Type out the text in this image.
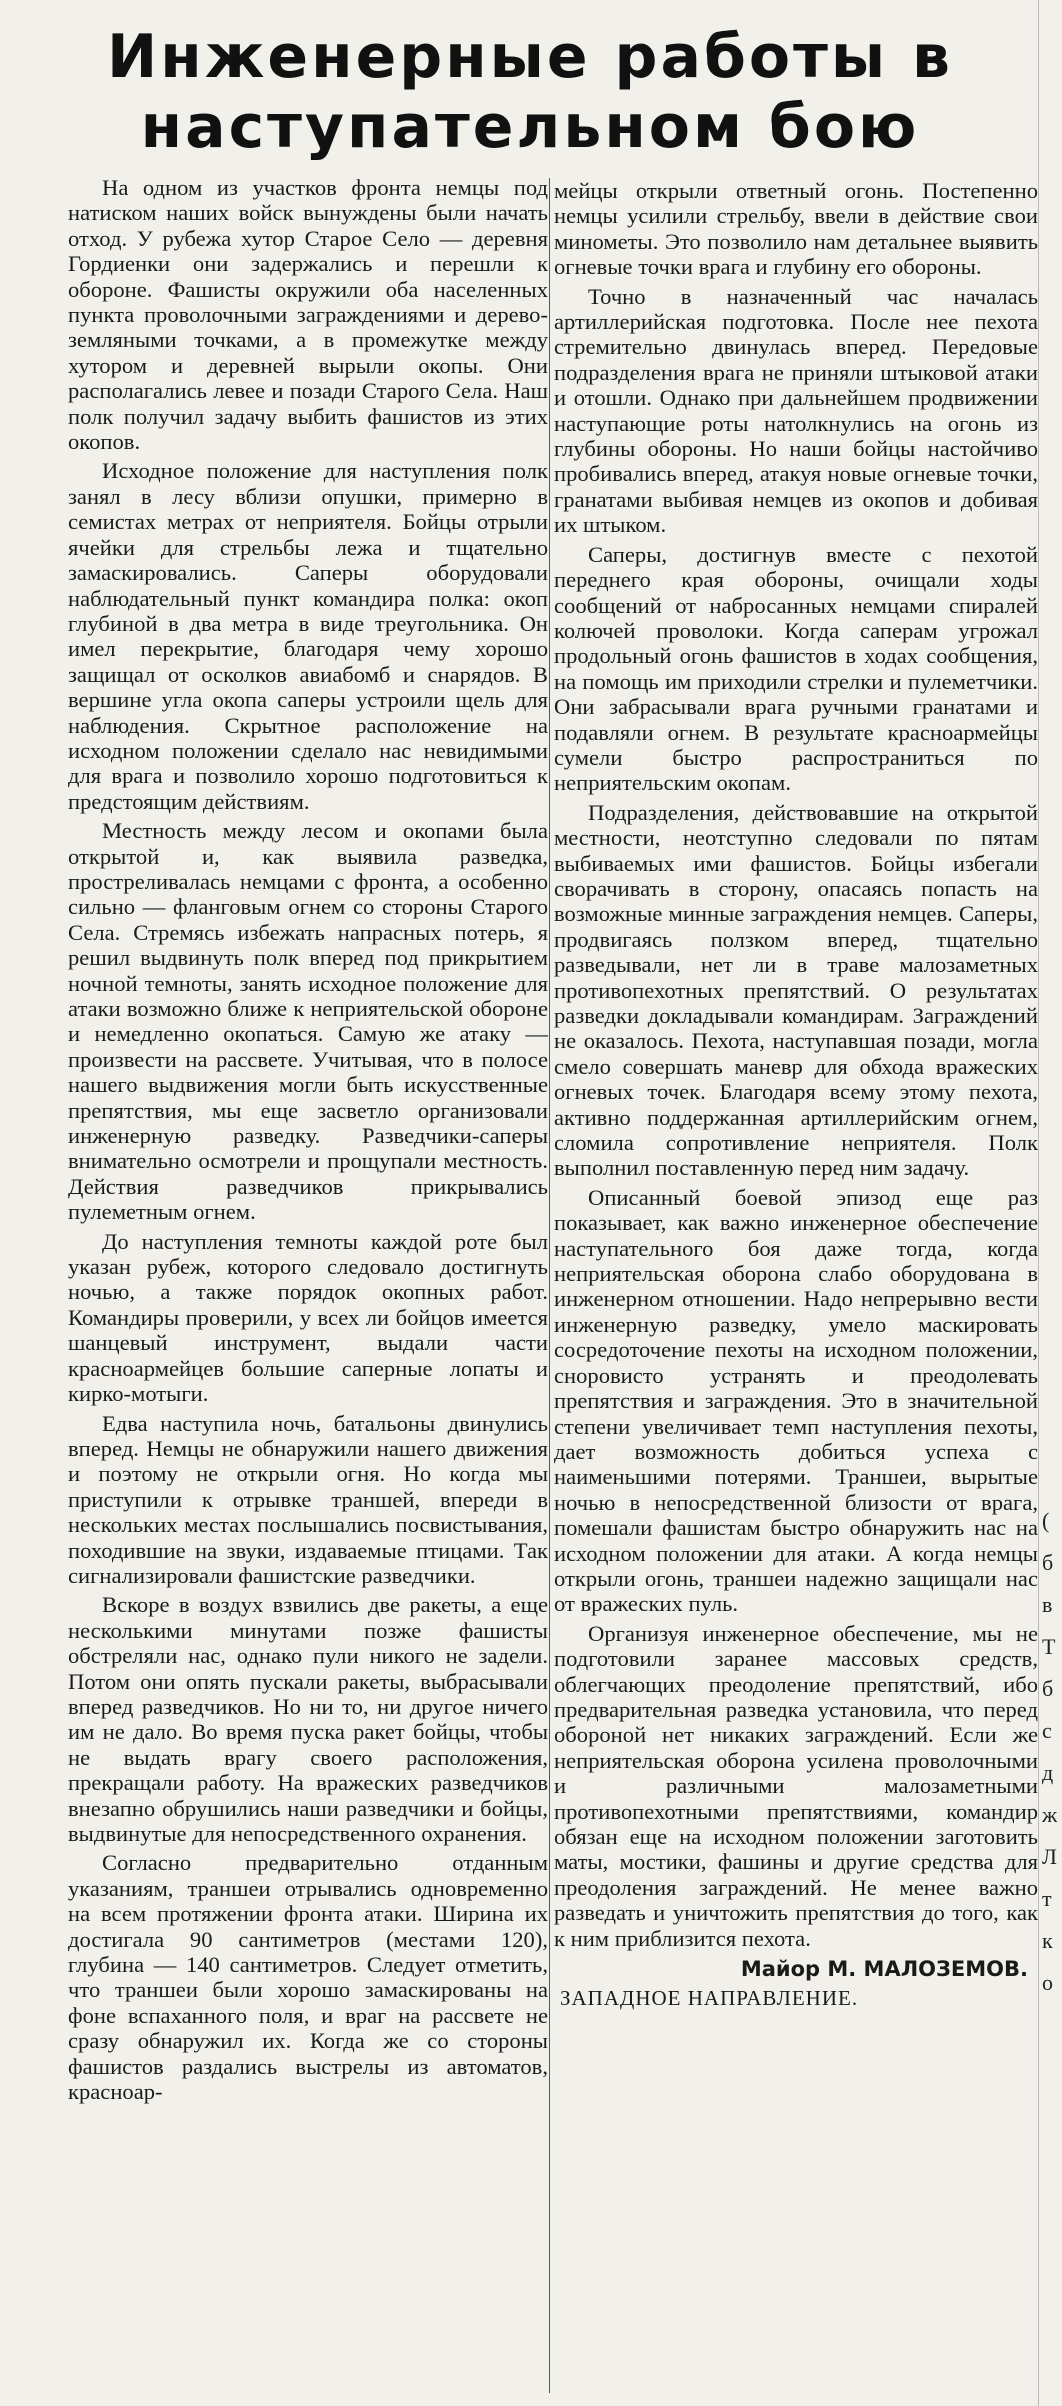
Инженерные работы в
наступательном бою

На одном из участков фронта немцы под натиском наших войск вынуждены были начать отход. У рубежа хутор Старое Село — деревня Гордиенки они задержались и перешли к обороне. Фашисты окружили оба населенных пункта проволочными заграждениями и дерево-земляными точками, а в промежутке между хутором и деревней вырыли окопы. Они располагались левее и позади Старого Села. Наш полк получил задачу выбить фашистов из этих окопов.

Исходное положение для наступления полк занял в лесу вблизи опушки, примерно в семистах метрах от неприятеля. Бойцы отрыли ячейки для стрельбы лежа и тщательно замаскировались. Саперы оборудовали наблюдательный пункт командира полка: окоп глубиной в два метра в виде треугольника. Он имел перекрытие, благодаря чему хорошо защищал от осколков авиабомб и снарядов. В вершине угла окопа саперы устроили щель для наблюдения. Скрытное расположение на исходном положении сделало нас невидимыми для врага и позволило хорошо подготовиться к предстоящим действиям.

Местность между лесом и окопами была открытой и, как выявила разведка, простреливалась немцами с фронта, а особенно сильно — фланговым огнем со стороны Старого Села. Стремясь избежать напрасных потерь, я решил выдвинуть полк вперед под прикрытием ночной темноты, занять исходное положение для атаки возможно ближе к неприятельской обороне и немедленно окопаться. Самую же атаку — произвести на рассвете. Учитывая, что в полосе нашего выдвижения могли быть искусственные препятствия, мы еще засветло организовали инженерную разведку. Разведчики-саперы внимательно осмотрели и прощупали местность. Действия разведчиков прикрывались пулеметным огнем.

До наступления темноты каждой роте был указан рубеж, которого следовало достигнуть ночью, а также порядок окопных работ. Командиры проверили, у всех ли бойцов имеется шанцевый инструмент, выдали части красноармейцев большие саперные лопаты и кирко-мотыги.

Едва наступила ночь, батальоны двинулись вперед. Немцы не обнаружили нашего движения и поэтому не открыли огня. Но когда мы приступили к отрывке траншей, впереди в нескольких местах послышались посвистывания, походившие на звуки, издаваемые птицами. Так сигнализировали фашистские разведчики.

Вскоре в воздух взвились две ракеты, а еще несколькими минутами позже фашисты обстреляли нас, однако пули никого не задели. Потом они опять пускали ракеты, выбрасывали вперед разведчиков. Но ни то, ни другое ничего им не дало. Во время пуска ракет бойцы, чтобы не выдать врагу своего расположения, прекращали работу. На вражеских разведчиков внезапно обрушились наши разведчики и бойцы, выдвинутые для непосредственного охранения.

Согласно предварительно отданным указаниям, траншеи отрывались одновременно на всем протяжении фронта атаки. Ширина их достигала 90 сантиметров (местами 120), глубина — 140 сантиметров. Следует отметить, что траншеи были хорошо замаскированы на фоне вспаханного поля, и враг на рассвете не сразу обнаружил их. Когда же со стороны фашистов раздались выстрелы из автоматов, красноар-

мейцы открыли ответный огонь. Постепенно немцы усилили стрельбу, ввели в действие свои минометы. Это позволило нам детальнее выявить огневые точки врага и глубину его обороны.

Точно в назначенный час началась артиллерийская подготовка. После нее пехота стремительно двинулась вперед. Передовые подразделения врага не приняли штыковой атаки и отошли. Однако при дальнейшем продвижении наступающие роты натолкнулись на огонь из глубины обороны. Но наши бойцы настойчиво пробивались вперед, атакуя новые огневые точки, гранатами выбивая немцев из окопов и добивая их штыком.

Саперы, достигнув вместе с пехотой переднего края обороны, очищали ходы сообщений от набросанных немцами спиралей колючей проволоки. Когда саперам угрожал продольный огонь фашистов в ходах сообщения, на помощь им приходили стрелки и пулеметчики. Они забрасывали врага ручными гранатами и подавляли огнем. В результате красноармейцы сумели быстро распространиться по неприятельским окопам.

Подразделения, действовавшие на открытой местности, неотступно следовали по пятам выбиваемых ими фашистов. Бойцы избегали сворачивать в сторону, опасаясь попасть на возможные минные заграждения немцев. Саперы, продвигаясь ползком вперед, тщательно разведывали, нет ли в траве малозаметных противопехотных препятствий. О результатах разведки докладывали командирам. Заграждений не оказалось. Пехота, наступавшая позади, могла смело совершать маневр для обхода вражеских огневых точек. Благодаря всему этому пехота, активно поддержанная артиллерийским огнем, сломила сопротивление неприятеля. Полк выполнил поставленную перед ним задачу.

Описанный боевой эпизод еще раз показывает, как важно инженерное обеспечение наступательного боя даже тогда, когда неприятельская оборона слабо оборудована в инженерном отношении. Надо непрерывно вести инженерную разведку, умело маскировать сосредоточение пехоты на исходном положении, сноровисто устранять и преодолевать препятствия и заграждения. Это в значительной степени увеличивает темп наступления пехоты, дает возможность добиться успеха с наименьшими потерями. Траншеи, вырытые ночью в непосредственной близости от врага, помешали фашистам быстро обнаружить нас на исходном положении для атаки. А когда немцы открыли огонь, траншеи надежно защищали нас от вражеских пуль.

Организуя инженерное обеспечение, мы не подготовили заранее массовых средств, облегчающих преодоление препятствий, ибо предварительная разведка установила, что перед обороной нет никаких заграждений. Если же неприятельская оборона усилена проволочными и различными малозаметными противопехотными препятствиями, командир обязан еще на исходном положении заготовить маты, мостики, фашины и другие средства для преодоления заграждений. Не менее важно разведать и уничтожить препятствия до того, как к ним приблизится пехота.

Майор М. МАЛОЗЕМОВ.
ЗАПАДНОЕ НАПРАВЛЕНИЕ.
(
б
в
Т
б
с
д
ж
Л
т
к
о
